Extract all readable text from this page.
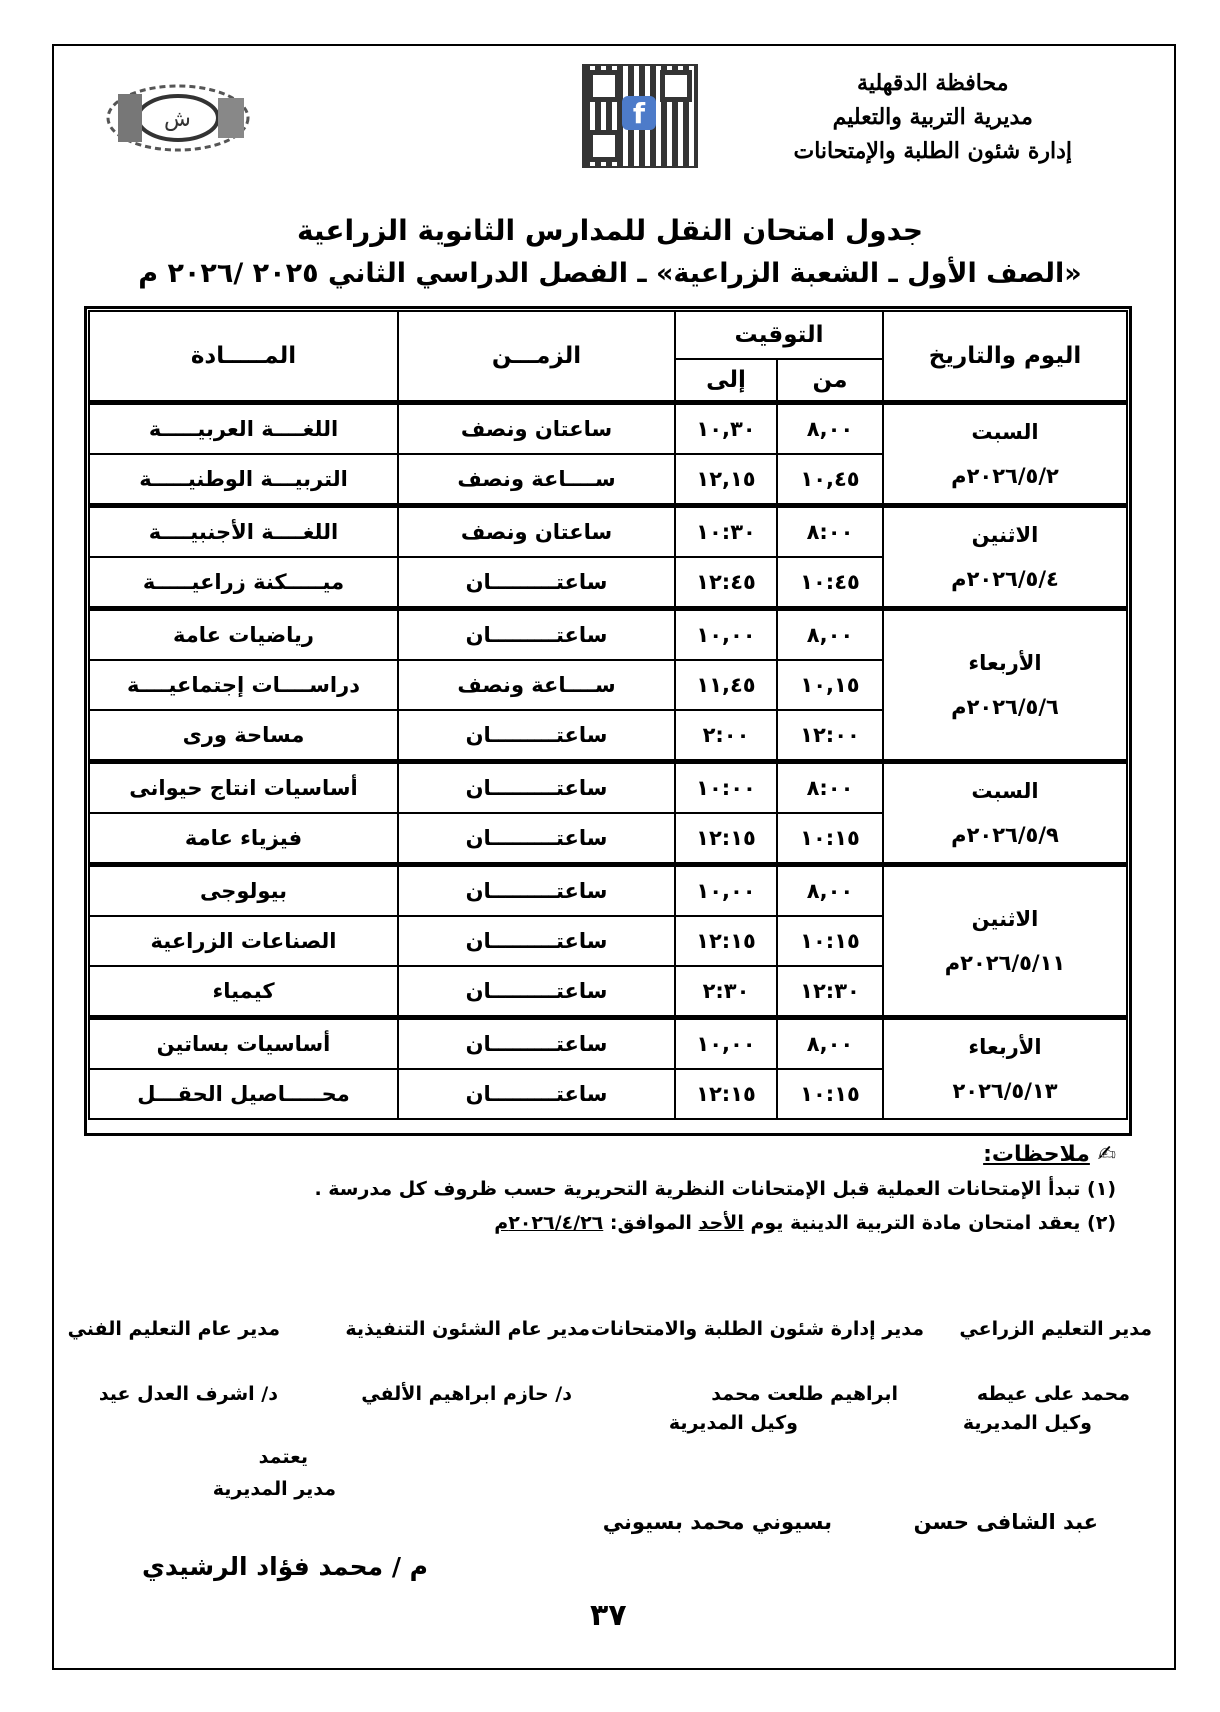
ش	f
محافظة الدقهلية
مديرية التربية والتعليم
إدارة شئون الطلبة والإمتحانات
جدول امتحان النقل للمدارس الثانوية الزراعية
«الصف الأول ـ الشعبة الزراعية» ـ الفصل الدراسي الثاني ٢٠٢٥ /٢٠٢٦ م
اليوم والتاريخ	التوقيت		الزمـــن	المـــــادة
	من	إلى		

السبت
٢٠٢٦/٥/٢م	٨,٠٠	١٠,٣٠	ساعتان ونصف	اللغــــة العربيـــــة
	١٠,٤٥	١٢,١٥	ســــاعة ونصف	التربيـــة الوطنيـــــة

الاثنين
٢٠٢٦/٥/٤م	٨:٠٠	١٠:٣٠	ساعتان ونصف	اللغــــة الأجنبيــــة
	١٠:٤٥	١٢:٤٥	ساعتـــــــــان	ميـــــكنة زراعيـــــة

الأربعاء
٢٠٢٦/٥/٦م	٨,٠٠	١٠,٠٠	ساعتـــــــــان	رياضيات عامة
	١٠,١٥	١١,٤٥	ســــاعة ونصف	دراســــات إجتماعيــــة
	١٢:٠٠	٢:٠٠	ساعتـــــــــان	مساحة ورى

السبت
٢٠٢٦/٥/٩م	٨:٠٠	١٠:٠٠	ساعتـــــــــان	أساسيات انتاج حيوانى
	١٠:١٥	١٢:١٥	ساعتـــــــــان	فيزياء عامة

الاثنين
٢٠٢٦/٥/١١م	٨,٠٠	١٠,٠٠	ساعتـــــــــان	بيولوجى
	١٠:١٥	١٢:١٥	ساعتـــــــــان	الصناعات الزراعية
	١٢:٣٠	٢:٣٠	ساعتـــــــــان	كيمياء

الأربعاء
٢٠٢٦/٥/١٣	٨,٠٠	١٠,٠٠	ساعتـــــــــان	أساسيات بساتين
	١٠:١٥	١٢:١٥	ساعتـــــــــان	محـــــاصيل الحقـــل
✍ ملاحظات:
(١) تبدأ الإمتحانات العملية قبل الإمتحانات النظرية التحريرية حسب ظروف كل مدرسة .
(٢) يعقد امتحان مادة التربية الدينية يوم الأحد الموافق: ٢٠٢٦/٤/٢٦م
مدير التعليم الزراعي
مدير إدارة شئون الطلبة والامتحانات
مدير عام الشئون التنفيذية
مدير عام التعليم الفني
محمد على عيطه
ابراهيم طلعت محمد
د/ حازم ابراهيم الألفي
د/ اشرف العدل عيد
وكيل المديرية
وكيل المديرية
يعتمد
مدير المديرية
عبد الشافى حسن
بسيوني محمد بسيوني
م / محمد فؤاد الرشيدي
٣٧
